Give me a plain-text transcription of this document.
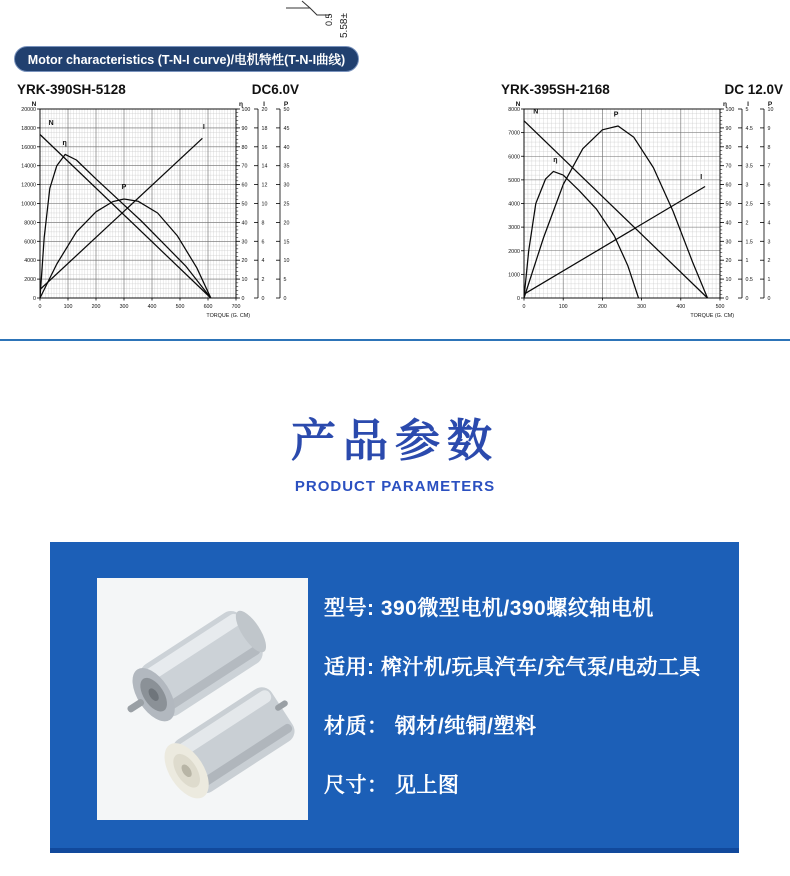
0.5 5.58±
Motor characteristics (T-N-I curve)/电机特性(T-N-I曲线)
YRK-390SH-5128	DC6.0V
N
0
2000
4000
6000
8000
10000
12000
14000
16000
18000
20000
0	100	200	300	400	500	600	700
TORQUE (G. CM)
η
0
10
20
30
40
50
60
70
80
90
100
I
0
2
4
6
8
10
12
14
16
18
20
P
0
5
10
15
20
25
30
35
40
45
50
N
η
P
I
YRK-395SH-2168	DC 12.0V
N
0
1000
2000
3000
4000
5000
6000
7000
8000
0	100	200	300	400	500
TORQUE (G. CM)
η
0
10
20
30
40
50
60
70
80
90
100
I
0
0.5
1
1.5
2
2.5
3
3.5
4
4.5
5
P
0
1
2
3
4
5
6
7
8
9
10
N
η
P
I
产品参数
PRODUCT PARAMETERS
型号: 390微型电机/390螺纹轴电机
适用: 榨汁机/玩具汽车/充气泵/电动工具
材质： 钢材/纯铜/塑料
尺寸： 见上图
